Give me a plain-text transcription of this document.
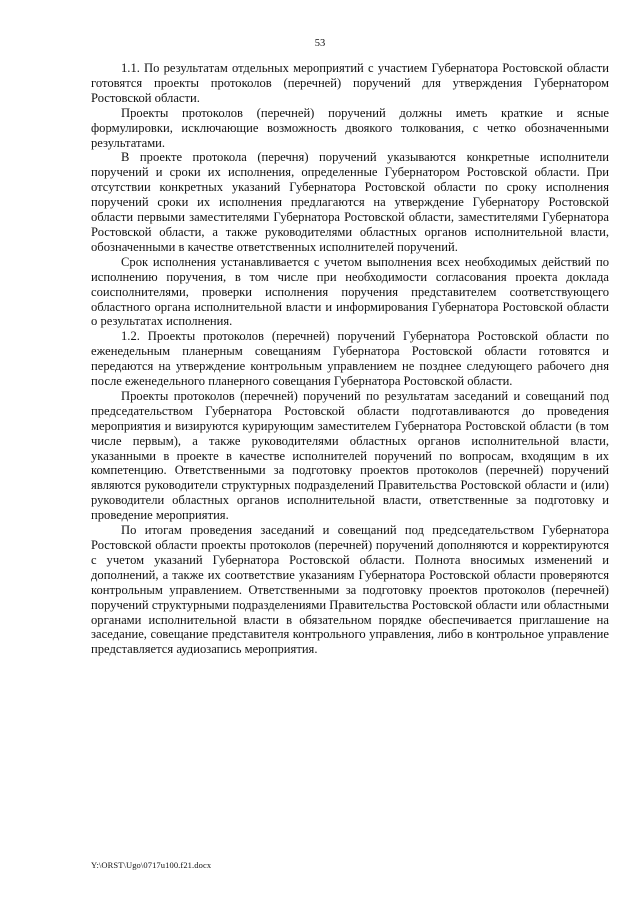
53

1.1. По результатам отдельных мероприятий с участием Губернатора Ростовской области готовятся проекты протоколов (перечней) поручений для утверждения Губернатором Ростовской области.

Проекты протоколов (перечней) поручений должны иметь краткие и ясные формулировки, исключающие возможность двоякого толкования, с четко обозначенными результатами.

В проекте протокола (перечня) поручений указываются конкретные исполнители поручений и сроки их исполнения, определенные Губернатором Ростовской области. При отсутствии конкретных указаний Губернатора Ростовской области по сроку исполнения поручений сроки их исполнения предлагаются на утверждение Губернатору Ростовской области первыми заместителями Губернатора Ростовской области, заместителями Губернатора Ростовской области, а также руководителями областных органов исполнительной власти, обозначенными в качестве ответственных исполнителей поручений.

Срок исполнения устанавливается с учетом выполнения всех необходимых действий по исполнению поручения, в том числе при необходимости согласования проекта доклада соисполнителями, проверки исполнения поручения представителем соответствующего областного органа исполнительной власти и информирования Губернатора Ростовской области о результатах исполнения.

1.2. Проекты протоколов (перечней) поручений Губернатора Ростовской области по еженедельным планерным совещаниям Губернатора Ростовской области готовятся и передаются на утверждение контрольным управлением не позднее следующего рабочего дня после еженедельного планерного совещания Губернатора Ростовской области.

Проекты протоколов (перечней) поручений по результатам заседаний и совещаний под председательством Губернатора Ростовской области подготавливаются до проведения мероприятия и визируются курирующим заместителем Губернатора Ростовской области (в том числе первым), а также руководителями областных органов исполнительной власти, указанными в проекте в качестве исполнителей поручений по вопросам, входящим в их компетенцию. Ответственными за подготовку проектов протоколов (перечней) поручений являются руководители структурных подразделений Правительства Ростовской области и (или) руководители областных органов исполнительной власти, ответственные за подготовку и проведение мероприятия.

По итогам проведения заседаний и совещаний под председательством Губернатора Ростовской области проекты протоколов (перечней) поручений дополняются и корректируются с учетом указаний Губернатора Ростовской области. Полнота вносимых изменений и дополнений, а также их соответствие указаниям Губернатора Ростовской области проверяются контрольным управлением. Ответственными за подготовку проектов протоколов (перечней) поручений структурными подразделениями Правительства Ростовской области или областными органами исполнительной власти в обязательном порядке обеспечивается приглашение на заседание, совещание представителя контрольного управления, либо в контрольное управление представляется аудиозапись мероприятия.

Y:\ORST\Ugo\0717u100.f21.docx
